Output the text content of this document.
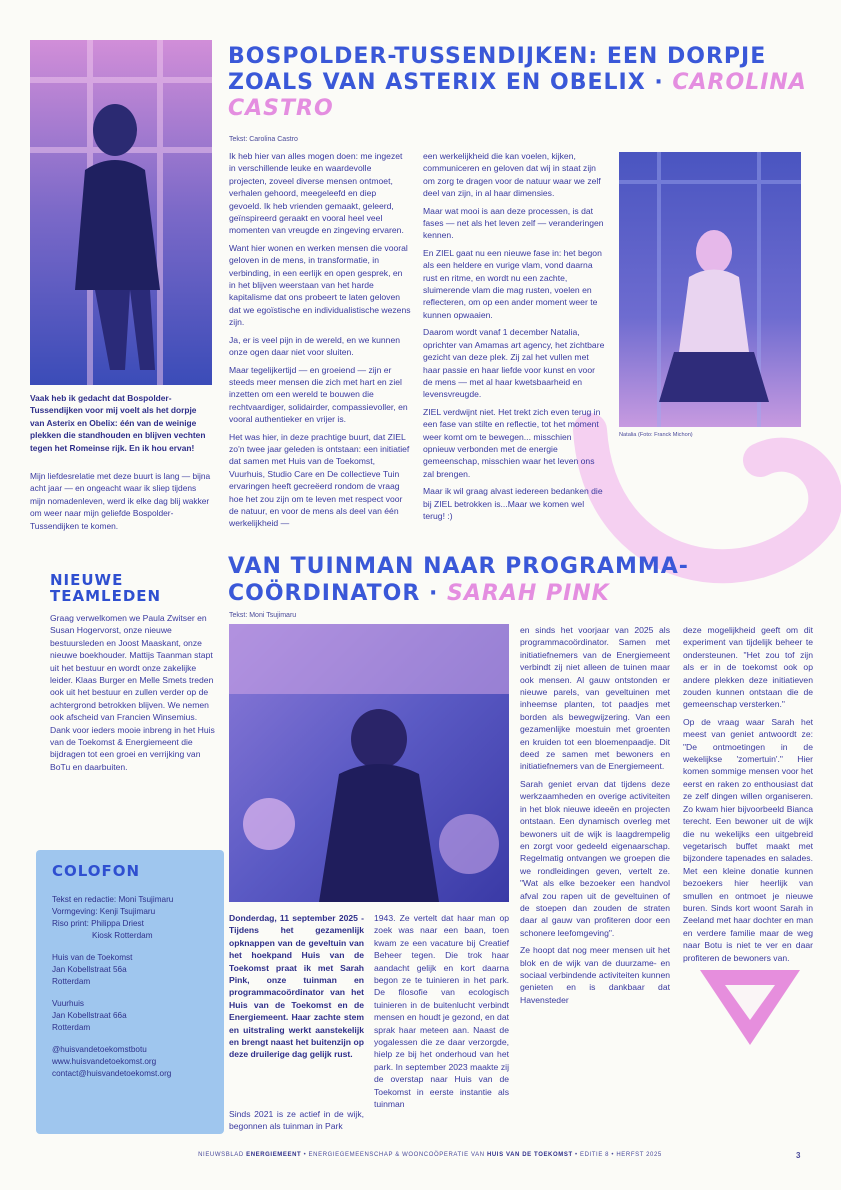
BOSPOLDER-TUSSENDIJKEN: EEN DORPJE ZOALS VAN ASTERIX EN OBELIX · CAROLINA CASTRO
Tekst: Carolina Castro
Vaak heb ik gedacht dat Bospolder-Tussendijken voor mij voelt als het dorpje van Asterix en Obelix: één van de weinige plekken die standhouden en blijven vechten tegen het Romeinse rijk. En ik hou ervan!
Mijn liefdesrelatie met deze buurt is lang — bijna acht jaar — en ongeacht waar ik sliep tijdens mijn nomadenleven, werd ik elke dag blij wakker om weer naar mijn geliefde Bospolder-Tussendijken te komen.

Ik heb hier van alles mogen doen: me ingezet in verschillende leuke en waardevolle projecten, zoveel diverse mensen ontmoet, verhalen gehoord, meegeleefd en diep gevoeld. Ik heb vrienden gemaakt, geleerd, geïnspireerd geraakt en vooral heel veel momenten van vreugde en zingeving ervaren.

Want hier wonen en werken mensen die vooral geloven in de mens, in transformatie, in verbinding, in een eerlijk en open gesprek, en in het blijven weerstaan van het harde kapitalisme dat ons probeert te laten geloven dat we egoïstische en individualistische wezens zijn.

Ja, er is veel pijn in de wereld, en we kunnen onze ogen daar niet voor sluiten.

Maar tegelijkertijd — en groeiend — zijn er steeds meer mensen die zich met hart en ziel inzetten om een wereld te bouwen die rechtvaardiger, solidairder, compassievoller, en vooral authentieker en vrijer is.

Het was hier, in deze prachtige buurt, dat ZIEL zo'n twee jaar geleden is ontstaan: een initiatief dat samen met Huis van de Toekomst, Vuurhuis, Studio Care en De collectieve Tuin ervaringen heeft gecreëerd rondom de vraag hoe het zou zijn om te leven met respect voor de natuur, en voor de mens als deel van één werkelijkheid —

een werkelijkheid die kan voelen, kijken, communiceren en geloven dat wij in staat zijn om zorg te dragen voor de natuur waar we zelf deel van zijn, in al haar dimensies.

Maar wat mooi is aan deze processen, is dat fases — net als het leven zelf — veranderingen kennen.

En ZIEL gaat nu een nieuwe fase in: het begon als een heldere en vurige vlam, vond daarna rust en ritme, en wordt nu een zachte, sluimerende vlam die mag rusten, voelen en reflecteren, om op een ander moment weer te kunnen opwaaien.

Daarom wordt vanaf 1 december Natalia, oprichter van Amamas art agency, het zichtbare gezicht van deze plek. Zij zal het vullen met haar passie en haar liefde voor kunst en voor de mens — met al haar kwetsbaarheid en levensvreugde.

ZIEL verdwijnt niet. Het trekt zich even terug in een fase van stilte en reflectie, tot het moment weer komt om te bewegen... misschien opnieuw verbonden met de energie gemeenschap, misschien waar het leven ons zal brengen.

Maar ik wil graag alvast iedereen bedanken die bij ZIEL betrokken is...Maar we komen wel terug! :)

Natalia (Foto: Franck Michon)
NIEUWE
TEAMLEDEN
Graag verwelkomen we Paula Zwitser en Susan Hogervorst, onze nieuwe bestuursleden en Joost Maaskant, onze nieuwe boekhouder. Mattijs Taanman stapt uit het bestuur en wordt onze zakelijke leider. Klaas Burger en Melle Smets treden ook uit het bestuur en zullen verder op de achtergrond betrokken blijven. We nemen ook afscheid van Francien Winsemius. Dank voor ieders mooie inbreng in het Huis van de Toekomst & Energiemeent die bijdragen tot een groei en verrijking van BoTu en daarbuiten.
COLOFON
Tekst en redactie: Moni Tsujimaru
Vormgeving: Kenji Tsujimaru
Riso print: Philippa Driest
Kiosk Rotterdam
Huis van de Toekomst
Jan Kobellstraat 56a
Rotterdam
Vuurhuis
Jan Kobellstraat 66a
Rotterdam
@huisvandetoekomstbotu
www.huisvandetoekomst.org
contact@huisvandetoekomst.org
VAN TUINMAN NAAR PROGRAMMA-
COÖRDINATOR · SARAH PINK
Tekst: Moni Tsujimaru
Donderdag, 11 september 2025 - Tijdens het gezamenlijk opknappen van de geveltuin van het hoekpand Huis van de Toekomst praat ik met Sarah Pink, onze tuinman en programmacoördinator van het Huis van de Toekomst en de Energiemeent. Haar zachte stem en uitstraling werkt aanstekelijk en brengt naast het buitenzijn op deze druilerige dag gelijk rust.

Sinds 2021 is ze actief in de wijk, begonnen als tuinman in Park

1943. Ze vertelt dat haar man op zoek was naar een baan, toen kwam ze een vacature bij Creatief Beheer tegen. Die trok haar aandacht gelijk en kort daarna begon ze te tuinieren in het park. De filosofie van ecologisch tuinieren in de buitenlucht verbindt mensen en houdt je gezond, en dat sprak haar meteen aan. Naast de yogalessen die ze daar verzorgde, hielp ze bij het onderhoud van het park. In september 2023 maakte zij de overstap naar Huis van de Toekomst in eerste instantie als tuinman

en sinds het voorjaar van 2025 als programmacoördinator. Samen met initiatiefnemers van de Energiemeent verbindt zij niet alleen de tuinen maar ook mensen. Al gauw ontstonden er nieuwe parels, van geveltuinen met inheemse planten, tot paadjes met borden als bewegwijzering. Van een gezamenlijke moestuin met groenten en kruiden tot een bloemenpaadje. Dit deed ze samen met bewoners en initiatiefnemers van de Energiemeent.

Sarah geniet ervan dat tijdens deze werkzaamheden en overige activiteiten in het blok nieuwe ideeën en projecten ontstaan. Een dynamisch overleg met bewoners uit de wijk is laagdrempelig en zorgt voor gedeeld eigenaarschap. Regelmatig ontvangen we groepen die we rondleidingen geven, vertelt ze. "Wat als elke bezoeker een handvol afval zou rapen uit de geveltuinen of de stoepen dan zouden de straten daar al gauw van profiteren door een schonere leefomgeving".

Ze hoopt dat nog meer mensen uit het blok en de wijk van de duurzame- en sociaal verbindende activiteiten kunnen genieten en is dankbaar dat Havenstedеr

deze mogelijkheid geeft om dit experiment van tijdelijk beheer te ondersteunen. "Het zou tof zijn als er in de toekomst ook op andere plekken deze initiatieven zouden kunnen ontstaan die de gemeenschap versterken."

Op de vraag waar Sarah het meest van geniet antwoordt ze: "De ontmoetingen in de wekelijkse 'zomertuin'." Hier komen sommige mensen voor het eerst en raken zo enthousiast dat ze zelf dingen willen organiseren. Zo kwam hier bijvoorbeeld Bianca terecht. Een bewoner uit de wijk die nu wekelijks een uitgebreid vegetarisch buffet maakt met bijzondere tapenades en salades. Met een kleine donatie kunnen bezoekers hier heerlijk van smullen en ontmoet je nieuwe buren. Sinds kort woont Sarah in Zeeland met haar dochter en man en verdere familie maar de weg naar Botu is niet te ver en daar profiteren de bewoners van.

NIEUWSBLAD ENERGIEMEENT • ENERGIEGEMEENSCHAP & WOONCOÖPERATIE VAN HUIS VAN DE TOEKOMST • EDITIE 8 • HERFST 2025	3
